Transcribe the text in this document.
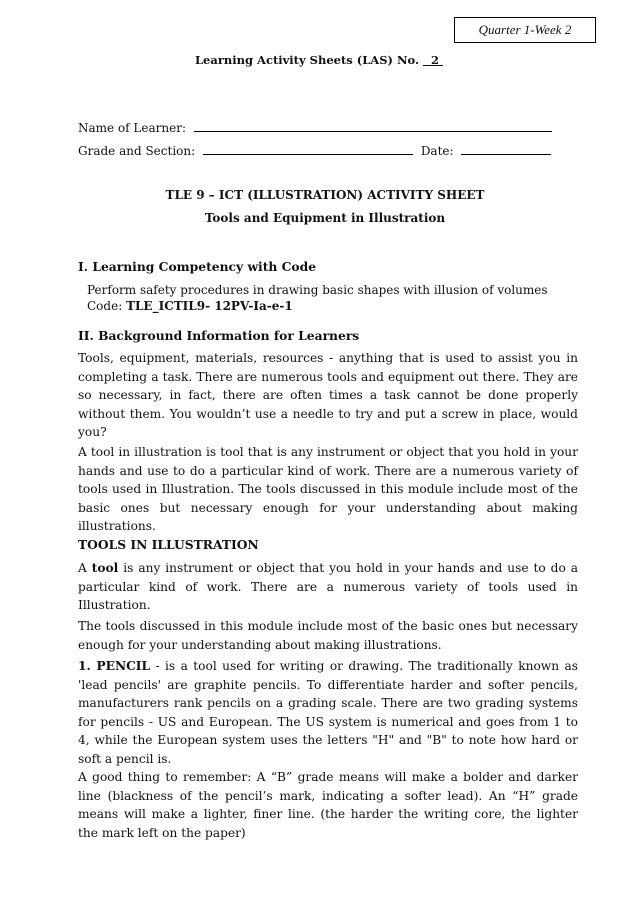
Quarter 1-Week 2
Learning Activity Sheets (LAS) No. 2
Name of Learner:
Grade and Section:	Date:
TLE 9 – ICT (ILLUSTRATION) ACTIVITY SHEET
Tools and Equipment in Illustration
I. Learning Competency with Code
Perform safety procedures in drawing basic shapes with illusion of volumes
Code: TLE_ICTIL9- 12PV-Ia-e-1
II. Background Information for Learners
Tools, equipment, materials, resources - anything that is used to assist you in completing a task. There are numerous tools and equipment out there. They are so necessary, in fact, there are often times a task cannot be done properly without them. You wouldn’t use a needle to try and put a screw in place, would you?
A tool in illustration is tool that is any instrument or object that you hold in your hands and use to do a particular kind of work. There are a numerous variety of tools used in Illustration. The tools discussed in this module include most of the basic ones but necessary enough for your understanding about making illustrations.
TOOLS IN ILLUSTRATION
A tool is any instrument or object that you hold in your hands and use to do a particular kind of work. There are a numerous variety of tools used in Illustration.
The tools discussed in this module include most of the basic ones but necessary enough for your understanding about making illustrations.
1. PENCIL - is a tool used for writing or drawing. The traditionally known as 'lead pencils' are graphite pencils. To differentiate harder and softer pencils, manufacturers rank pencils on a grading scale. There are two grading systems for pencils - US and European. The US system is numerical and goes from 1 to 4, while the European system uses the letters "H" and "B" to note how hard or soft a pencil is.
A good thing to remember: A “B” grade means will make a bolder and darker line (blackness of the pencil’s mark, indicating a softer lead). An “H” grade means will make a lighter, finer line. (the harder the writing core, the lighter the mark left on the paper)
